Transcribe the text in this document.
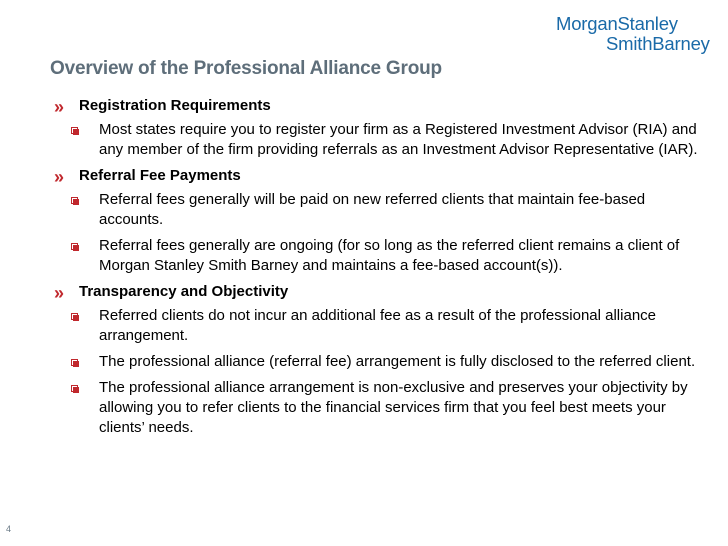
MorganStanley
SmithBarney
Overview of the Professional Alliance Group
» Registration Requirements
Most states require you to register your firm as a Registered Investment Advisor (RIA) and any member of the firm providing referrals as an Investment Advisor Representative (IAR).
» Referral Fee Payments
Referral fees generally will be paid on new referred clients that maintain fee-based accounts.
Referral fees generally are ongoing (for so long as the referred client remains a client of Morgan Stanley Smith Barney and maintains a fee-based account(s)).
» Transparency and Objectivity
Referred clients do not incur an additional fee as a result of the professional alliance arrangement.
The professional alliance (referral fee) arrangement is fully disclosed to the referred client.
The professional alliance arrangement is non-exclusive and preserves your objectivity by allowing you to refer clients to the financial services firm that you feel best meets your clients’ needs.
4
